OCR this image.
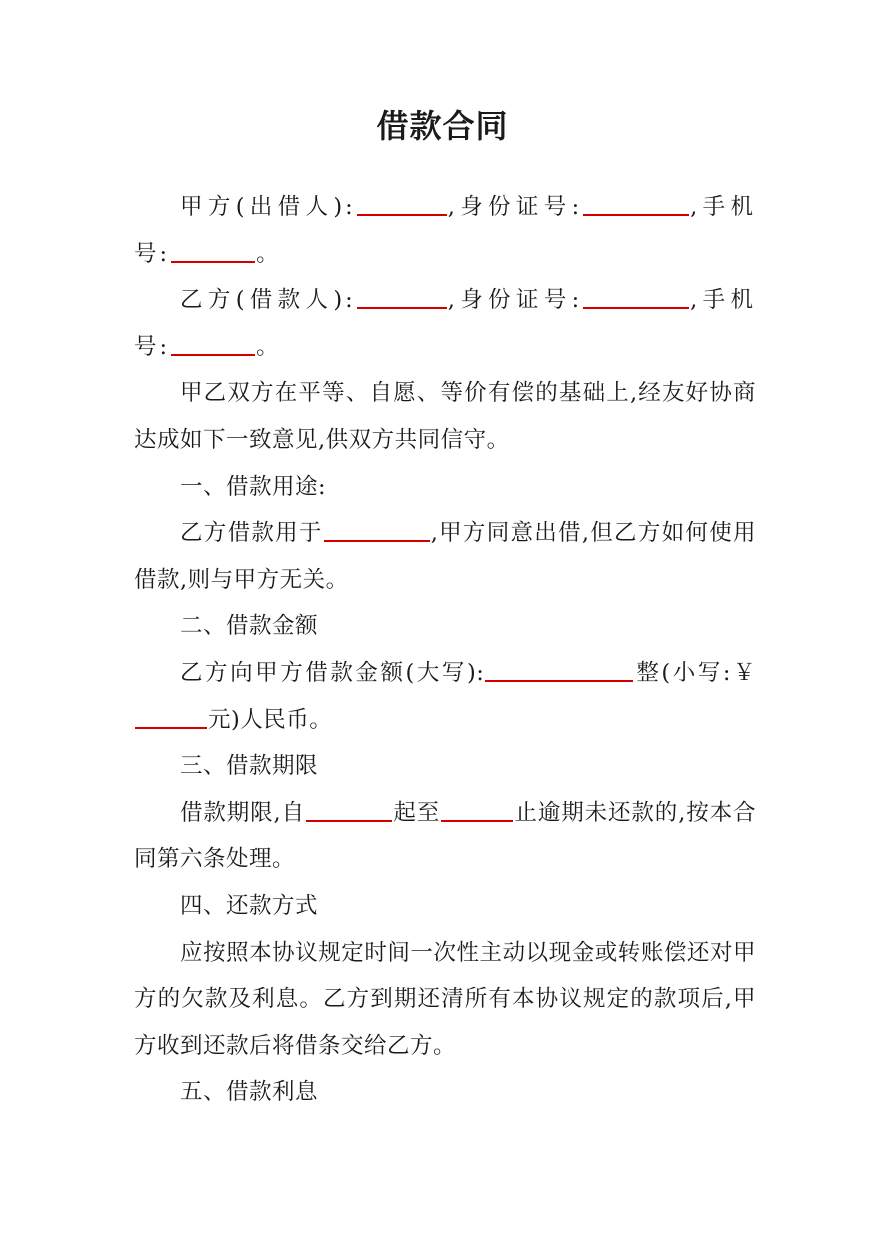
借款合同

甲方(出借人):	,身份证号:	,手机号:	。

乙方(借款人):	,身份证号:	,手机号:	。

甲乙双方在平等、自愿、等价有偿的基础上,经友好协商达成如下一致意见,供双方共同信守。

一、借款用途:

乙方借款用于	,甲方同意出借,但乙方如何使用借款,则与甲方无关。

二、借款金额

乙方向甲方借款金额(大写):	整(小写:￥元)人民币。

三、借款期限

借款期限,自	起至	止逾期未还款的,按本合同第六条处理。

四、还款方式

应按照本协议规定时间一次性主动以现金或转账偿还对甲方的欠款及利息。乙方到期还清所有本协议规定的款项后,甲方收到还款后将借条交给乙方。

五、借款利息
